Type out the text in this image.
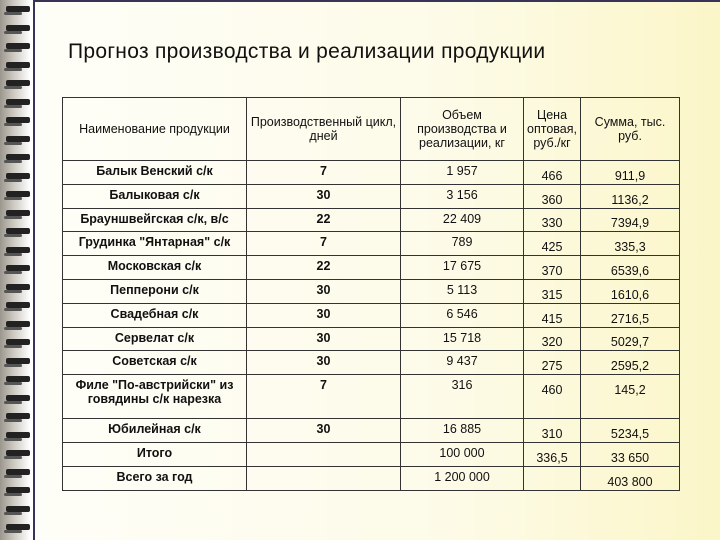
Прогноз производства и реализации продукции
Наименование продукции	Производственный цикл, дней	Объем производства и реализации, кг	Цена оптовая, руб./кг	Сумма, тыс. руб.
Балык Венский с/к	7	1 957	466	911,9
Балыковая с/к	30	3 156	360	1136,2
Брауншвейгская с/к, в/с	22	22 409	330	7394,9
Грудинка "Янтарная" с/к	7	789	425	335,3
Московская с/к	22	17 675	370	6539,6
Пепперони с/к	30	5 113	315	1610,6
Свадебная с/к	30	6 546	415	2716,5
Сервелат с/к	30	15 718	320	5029,7
Советская с/к	30	9 437	275	2595,2
Филе "По-австрийски" из говядины с/к нарезка	7	316	460	145,2
Юбилейная с/к	30	16 885	310	5234,5
Итого		100 000	336,5	33 650
Всего за год		1 200 000		403 800
